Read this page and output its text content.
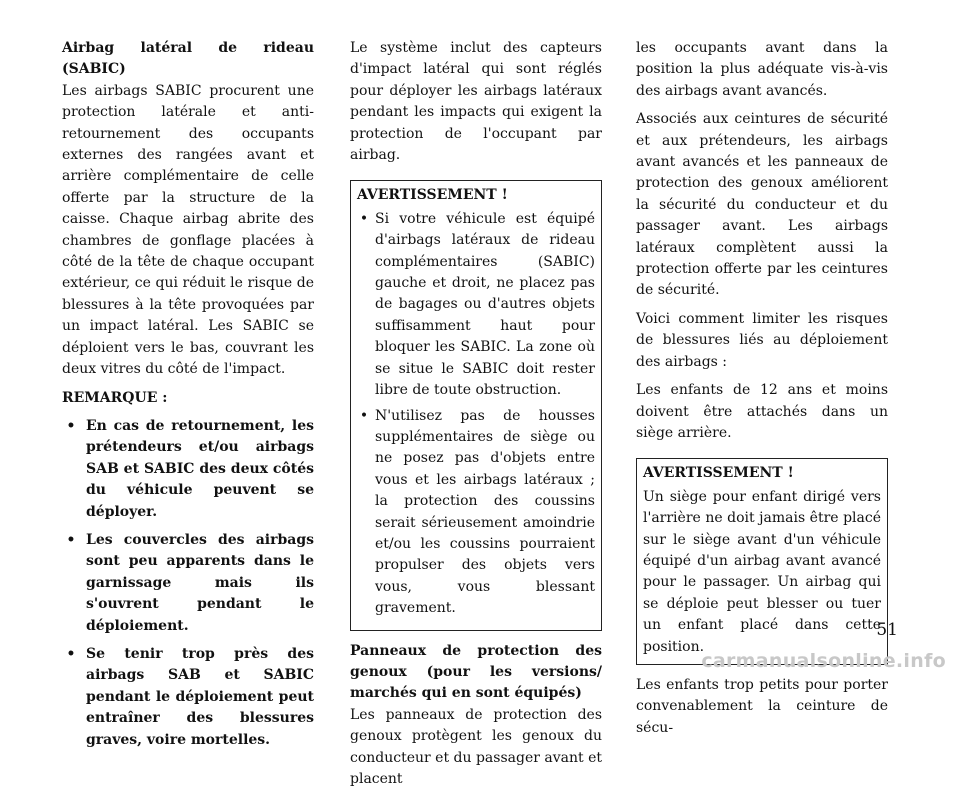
Airbag latéral de rideau (SABIC)

Les airbags SABIC procurent une protection latérale et anti-retournement des occupants externes des rangées avant et arrière complémentaire de celle offerte par la structure de la caisse. Chaque airbag abrite des chambres de gonflage placées à côté de la tête de chaque occupant extérieur, ce qui réduit le risque de blessures à la tête provoquées par un impact latéral. Les SABIC se déploient vers le bas, couvrant les deux vitres du côté de l'impact.

REMARQUE :

• En cas de retournement, les prétendeurs et/ou airbags SAB et SABIC des deux côtés du véhicule peuvent se déployer.
• Les couvercles des airbags sont peu apparents dans le garnissage mais ils s'ouvrent pendant le déploiement.
• Se tenir trop près des airbags SAB et SABIC pendant le déploiement peut entraîner des blessures graves, voire mortelles.

Le système inclut des capteurs d'impact latéral qui sont réglés pour déployer les airbags latéraux pendant les impacts qui exigent la protection de l'occupant par airbag.

AVERTISSEMENT !
• Si votre véhicule est équipé d'airbags latéraux de rideau complémentaires (SABIC) gauche et droit, ne placez pas de bagages ou d'autres objets suffisamment haut pour bloquer les SABIC. La zone où se situe le SABIC doit rester libre de toute obstruction.
• N'utilisez pas de housses supplémentaires de siège ou ne posez pas d'objets entre vous et les airbags latéraux ; la protection des coussins serait sérieusement amoindrie et/ou les coussins pourraient propulser des objets vers vous, vous blessant gravement.
Panneaux de protection des genoux (pour les versions/ marchés qui en sont équipés)

Les panneaux de protection des genoux protègent les genoux du conducteur et du passager avant et placent

les occupants avant dans la position la plus adéquate vis-à-vis des airbags avant avancés.

Associés aux ceintures de sécurité et aux prétendeurs, les airbags avant avancés et les panneaux de protection des genoux améliorent la sécurité du conducteur et du passager avant. Les airbags latéraux complètent aussi la protection offerte par les ceintures de sécurité.

Voici comment limiter les risques de blessures liés au déploiement des airbags :

Les enfants de 12 ans et moins doivent être attachés dans un siège arrière.

AVERTISSEMENT !
Un siège pour enfant dirigé vers l'arrière ne doit jamais être placé sur le siège avant d'un véhicule équipé d'un airbag avant avancé pour le passager. Un airbag qui se déploie peut blesser ou tuer un enfant placé dans cette position.

Les enfants trop petits pour porter convenablement la ceinture de sécu-

51
carmanualsonline.info
